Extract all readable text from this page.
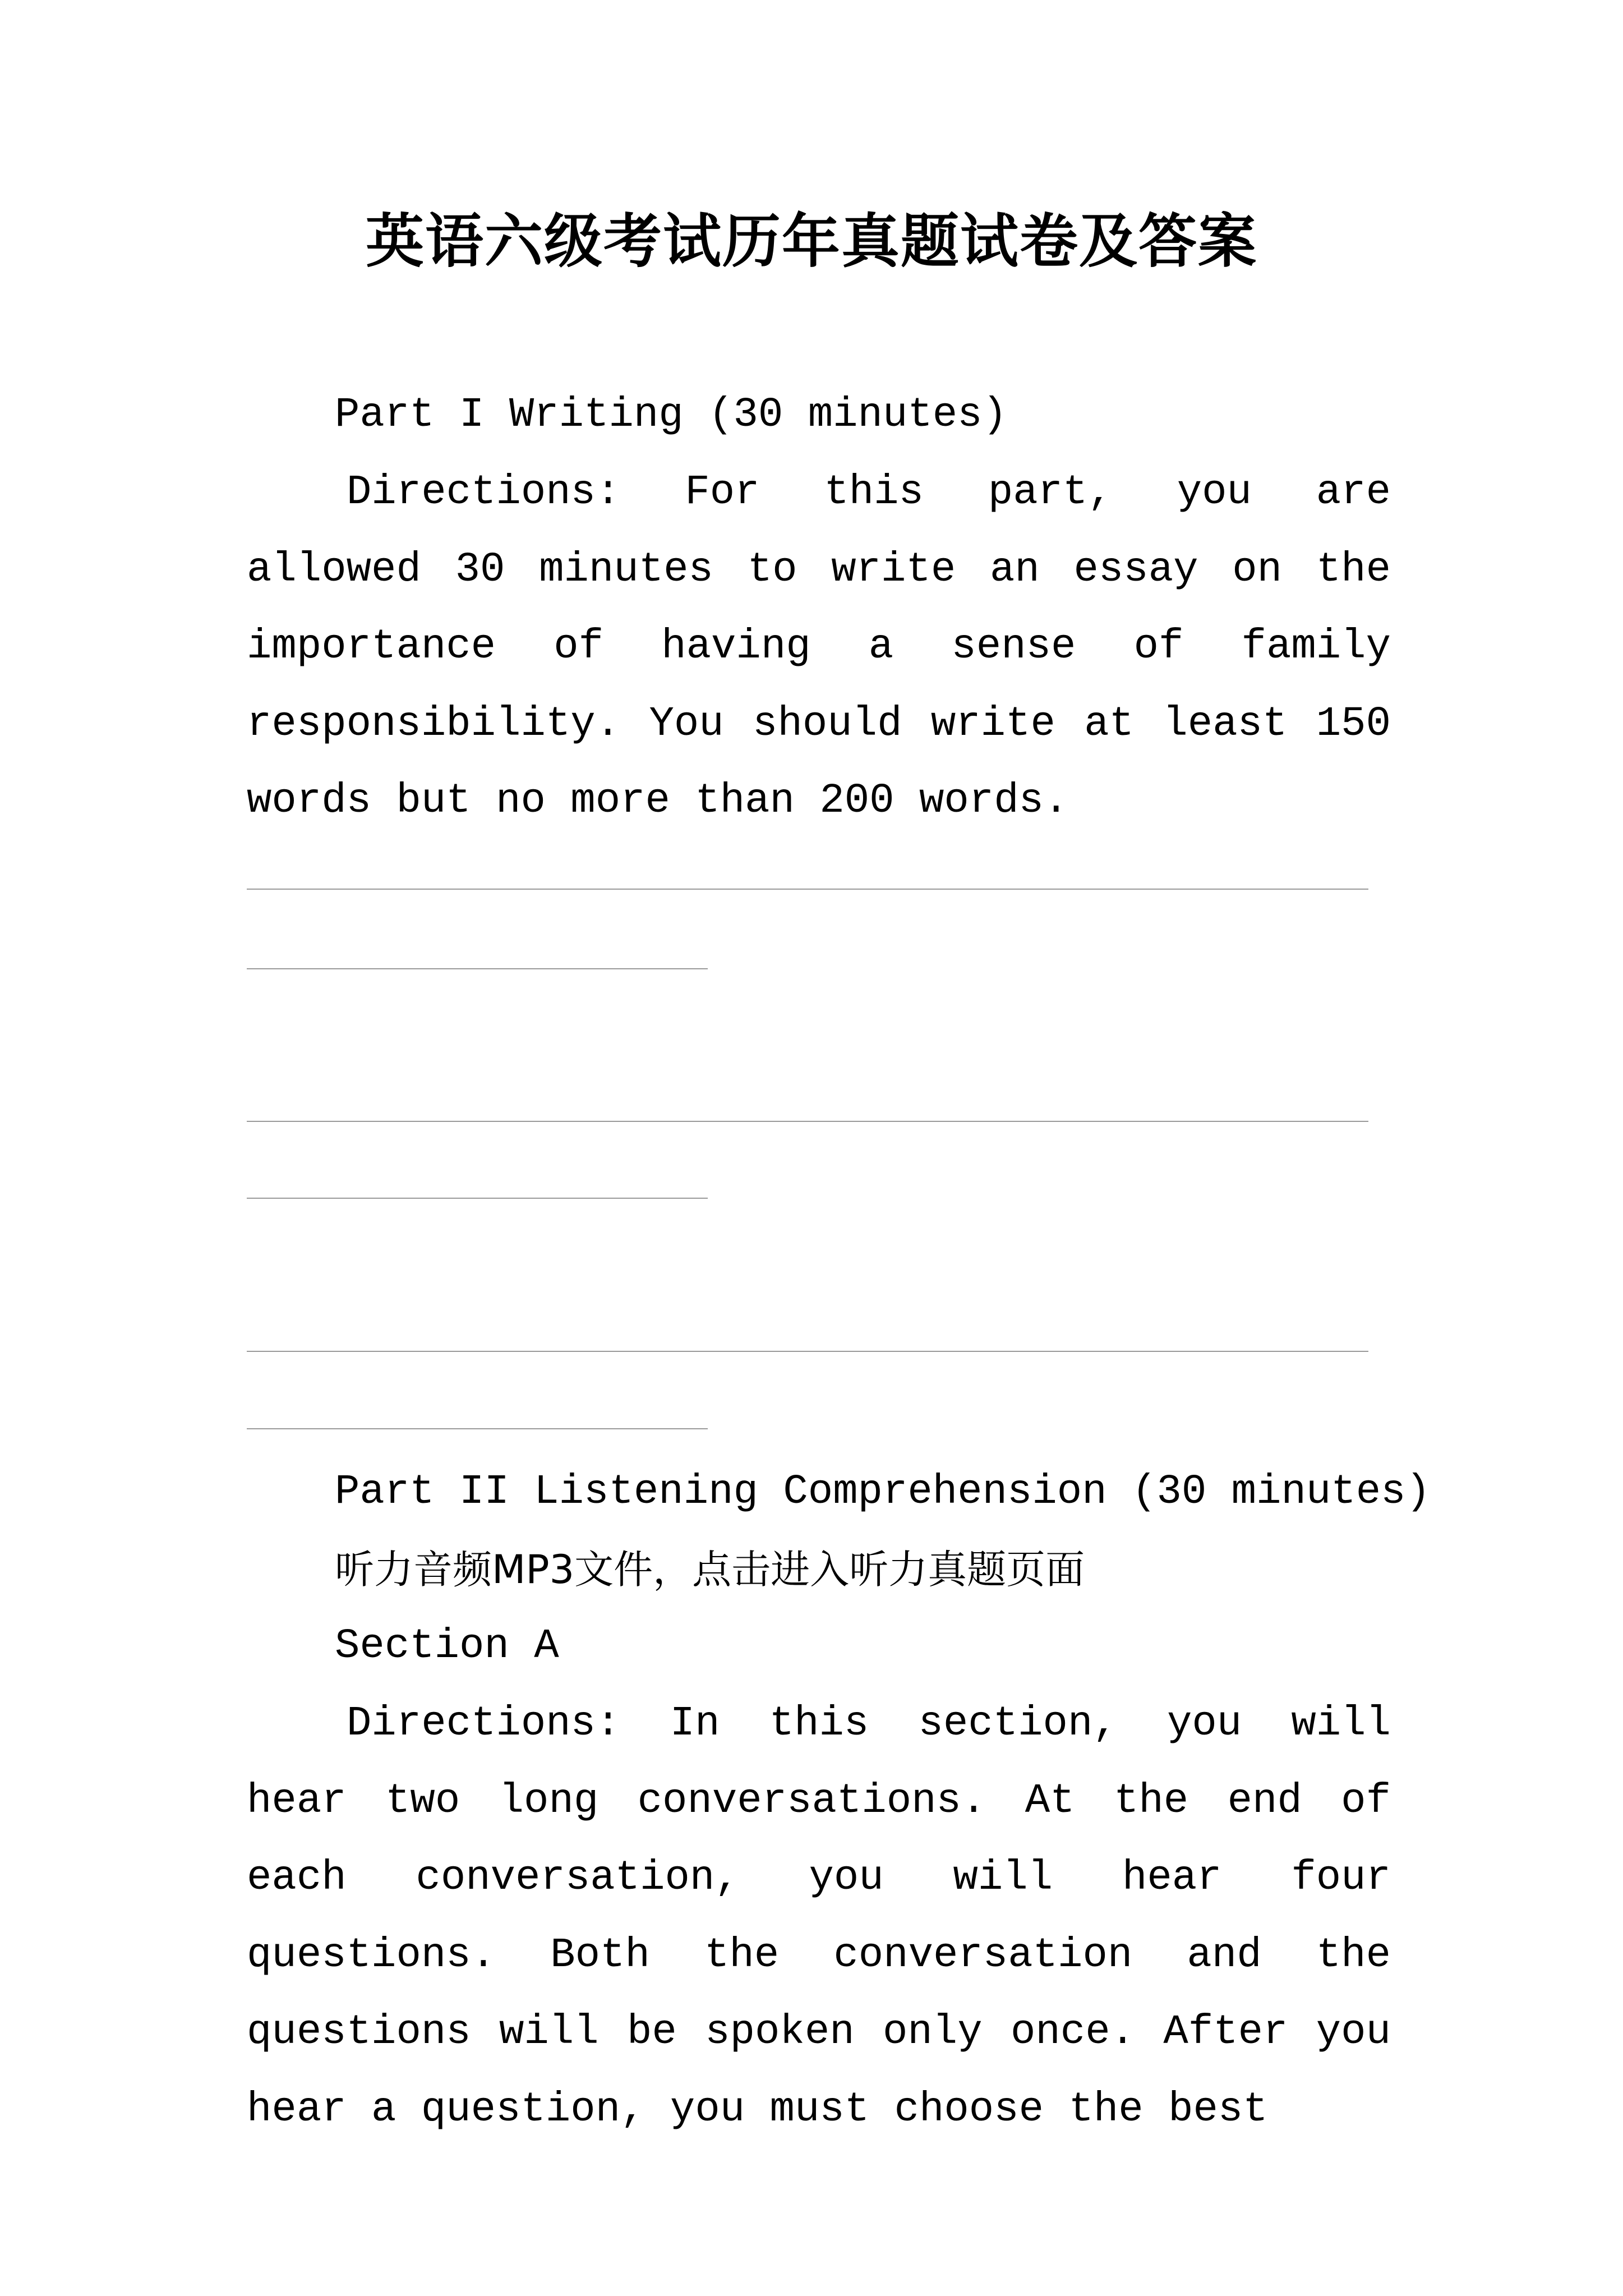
英语六级考试历年真题试卷及答案
Part I Writing (30 minutes)
Directions: For this part, you are allowed 30 minutes to write an essay on the importance of having a sense of family responsibility. You should write at least 150 words but no more than 200 words.
Part II Listening Comprehension (30 minutes)
听力音频MP3文件，点击进入听力真题页面
Section A
Directions: In this section, you will hear two long conversations. At the end of each conversation, you will hear four questions. Both the conversation and the questions will be spoken only once. After you hear a question, you must choose the best
